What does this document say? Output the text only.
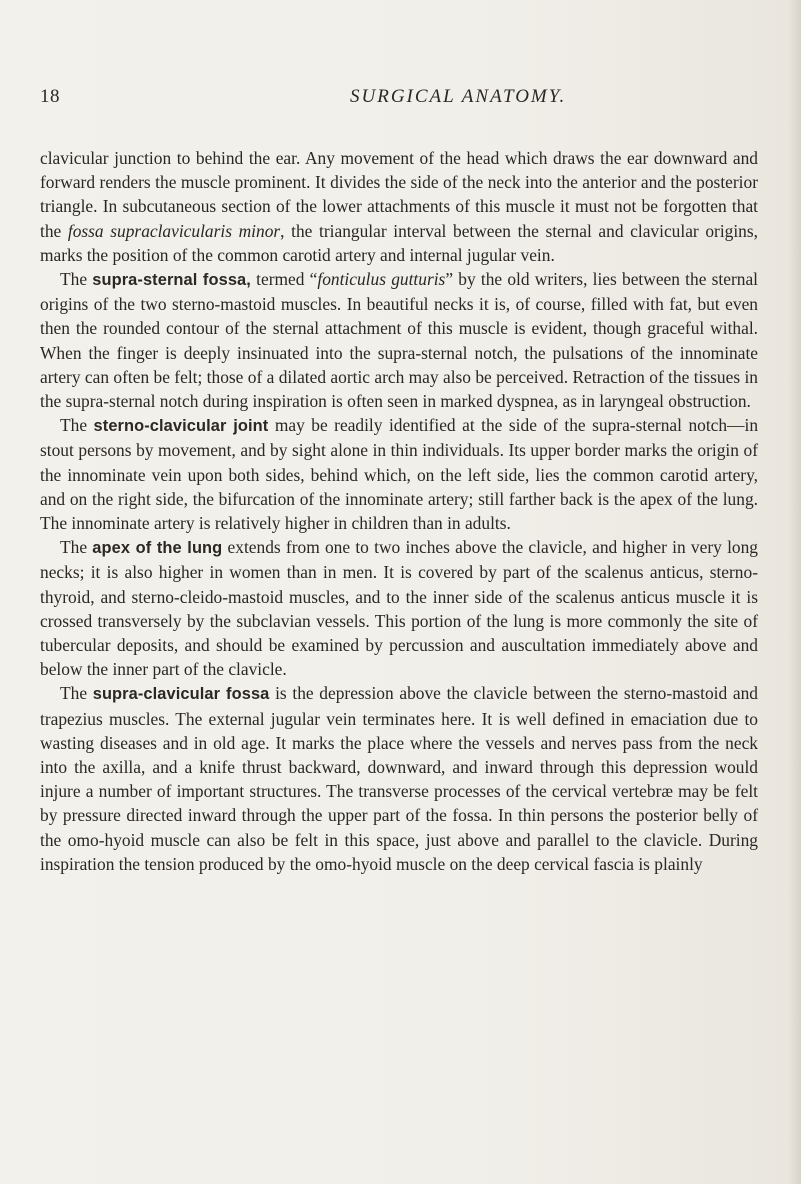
18	SURGICAL ANATOMY.

clavicular junction to behind the ear. Any movement of the head which draws the ear downward and forward renders the muscle prominent. It divides the side of the neck into the anterior and the posterior triangle. In subcutaneous section of the lower attachments of this muscle it must not be forgotten that the fossa supraclavicularis minor, the triangular interval between the sternal and clavicular origins, marks the position of the common carotid artery and internal jugular vein.

The supra-sternal fossa, termed “fonticulus gutturis” by the old writers, lies between the sternal origins of the two sterno-mastoid muscles. In beautiful necks it is, of course, filled with fat, but even then the rounded contour of the sternal attachment of this muscle is evident, though graceful withal. When the finger is deeply insinuated into the supra-sternal notch, the pulsations of the innominate artery can often be felt; those of a dilated aortic arch may also be perceived. Retraction of the tissues in the supra-sternal notch during inspiration is often seen in marked dyspnea, as in laryngeal obstruction.

The sterno-clavicular joint may be readily identified at the side of the supra-sternal notch—in stout persons by movement, and by sight alone in thin individuals. Its upper border marks the origin of the innominate vein upon both sides, behind which, on the left side, lies the common carotid artery, and on the right side, the bifurcation of the innominate artery; still farther back is the apex of the lung. The innominate artery is relatively higher in children than in adults.

The apex of the lung extends from one to two inches above the clavicle, and higher in very long necks; it is also higher in women than in men. It is covered by part of the scalenus anticus, sterno-thyroid, and sterno-cleido-mastoid muscles, and to the inner side of the scalenus anticus muscle it is crossed transversely by the subclavian vessels. This portion of the lung is more commonly the site of tubercular deposits, and should be examined by percussion and auscultation immediately above and below the inner part of the clavicle.

The supra-clavicular fossa is the depression above the clavicle between the sterno-mastoid and trapezius muscles. The external jugular vein terminates here. It is well defined in emaciation due to wasting diseases and in old age. It marks the place where the vessels and nerves pass from the neck into the axilla, and a knife thrust backward, downward, and inward through this depression would injure a number of important structures. The transverse processes of the cervical vertebræ may be felt by pressure directed inward through the upper part of the fossa. In thin persons the posterior belly of the omo-hyoid muscle can also be felt in this space, just above and parallel to the clavicle. During inspiration the tension produced by the omo-hyoid muscle on the deep cervical fascia is plainly
